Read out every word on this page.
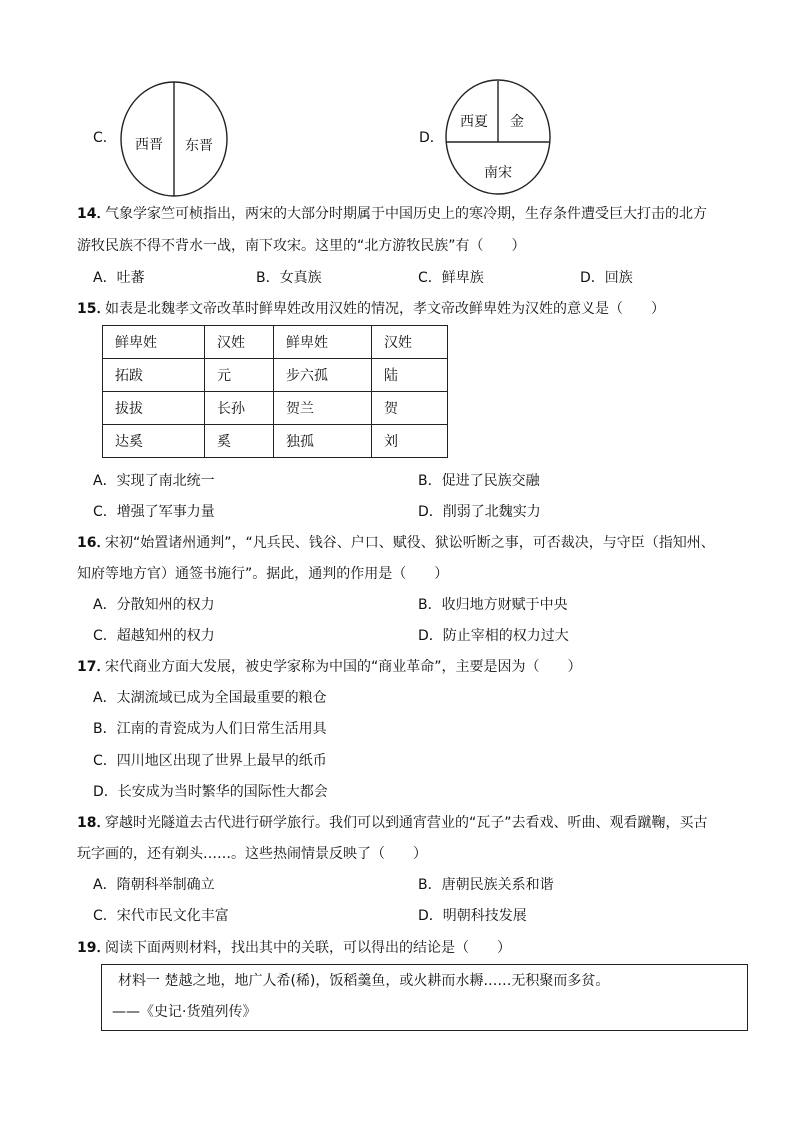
C． 西晋 东晋	D．
西夏 金
南宋
14．
气象学家竺可桢指出，两宋的大部分时期属于中国历史上的寒冷期，生存条件遭受巨大打击的北方
游牧民族不得不背水一战，南下攻宋。这里的“北方游牧民族”有（　　）
A．吐蕃	B．女真族	C．鲜卑族	D．回族
15．
如表是北魏孝文帝改革时鲜卑姓改用汉姓的情况，孝文帝改鲜卑姓为汉姓的意义是（　　）
鲜卑姓	汉姓	鲜卑姓	汉姓
拓跋	元	步六孤	陆
拔拔	长孙	贺兰	贺
达奚	奚	独孤	刘
A．实现了南北统一	B．促进了民族交融
C．增强了军事力量	D．削弱了北魏实力
16．
宋初“始置诸州通判”，“凡兵民、钱谷、户口、赋役、狱讼听断之事，可否裁决，与守臣（指知州、
知府等地方官）通签书施行”。据此，通判的作用是（　　）
A．分散知州的权力	B．收归地方财赋于中央
C．超越知州的权力	D．防止宰相的权力过大
17．
宋代商业方面大发展，被史学家称为中国的“商业革命”，主要是因为（　　）
A．太湖流域已成为全国最重要的粮仓
B．江南的青瓷成为人们日常生活用具
C．四川地区出现了世界上最早的纸币
D．长安成为当时繁华的国际性大都会
18．
穿越时光隧道去古代进行研学旅行。我们可以到通宵营业的“瓦子”去看戏、听曲、观看蹴鞠，买古
玩字画的，还有剃头……。这些热闹情景反映了（　　）
A．隋朝科举制确立	B．唐朝民族关系和谐
C．宋代市民文化丰富	D．明朝科技发展
19．
阅读下面两则材料，找出其中的关联，可以得出的结论是（　　）
材料一 楚越之地，地广人希(稀)，饭稻羹鱼，或火耕而水耨……无积聚而多贫。
——《史记·货殖列传》
